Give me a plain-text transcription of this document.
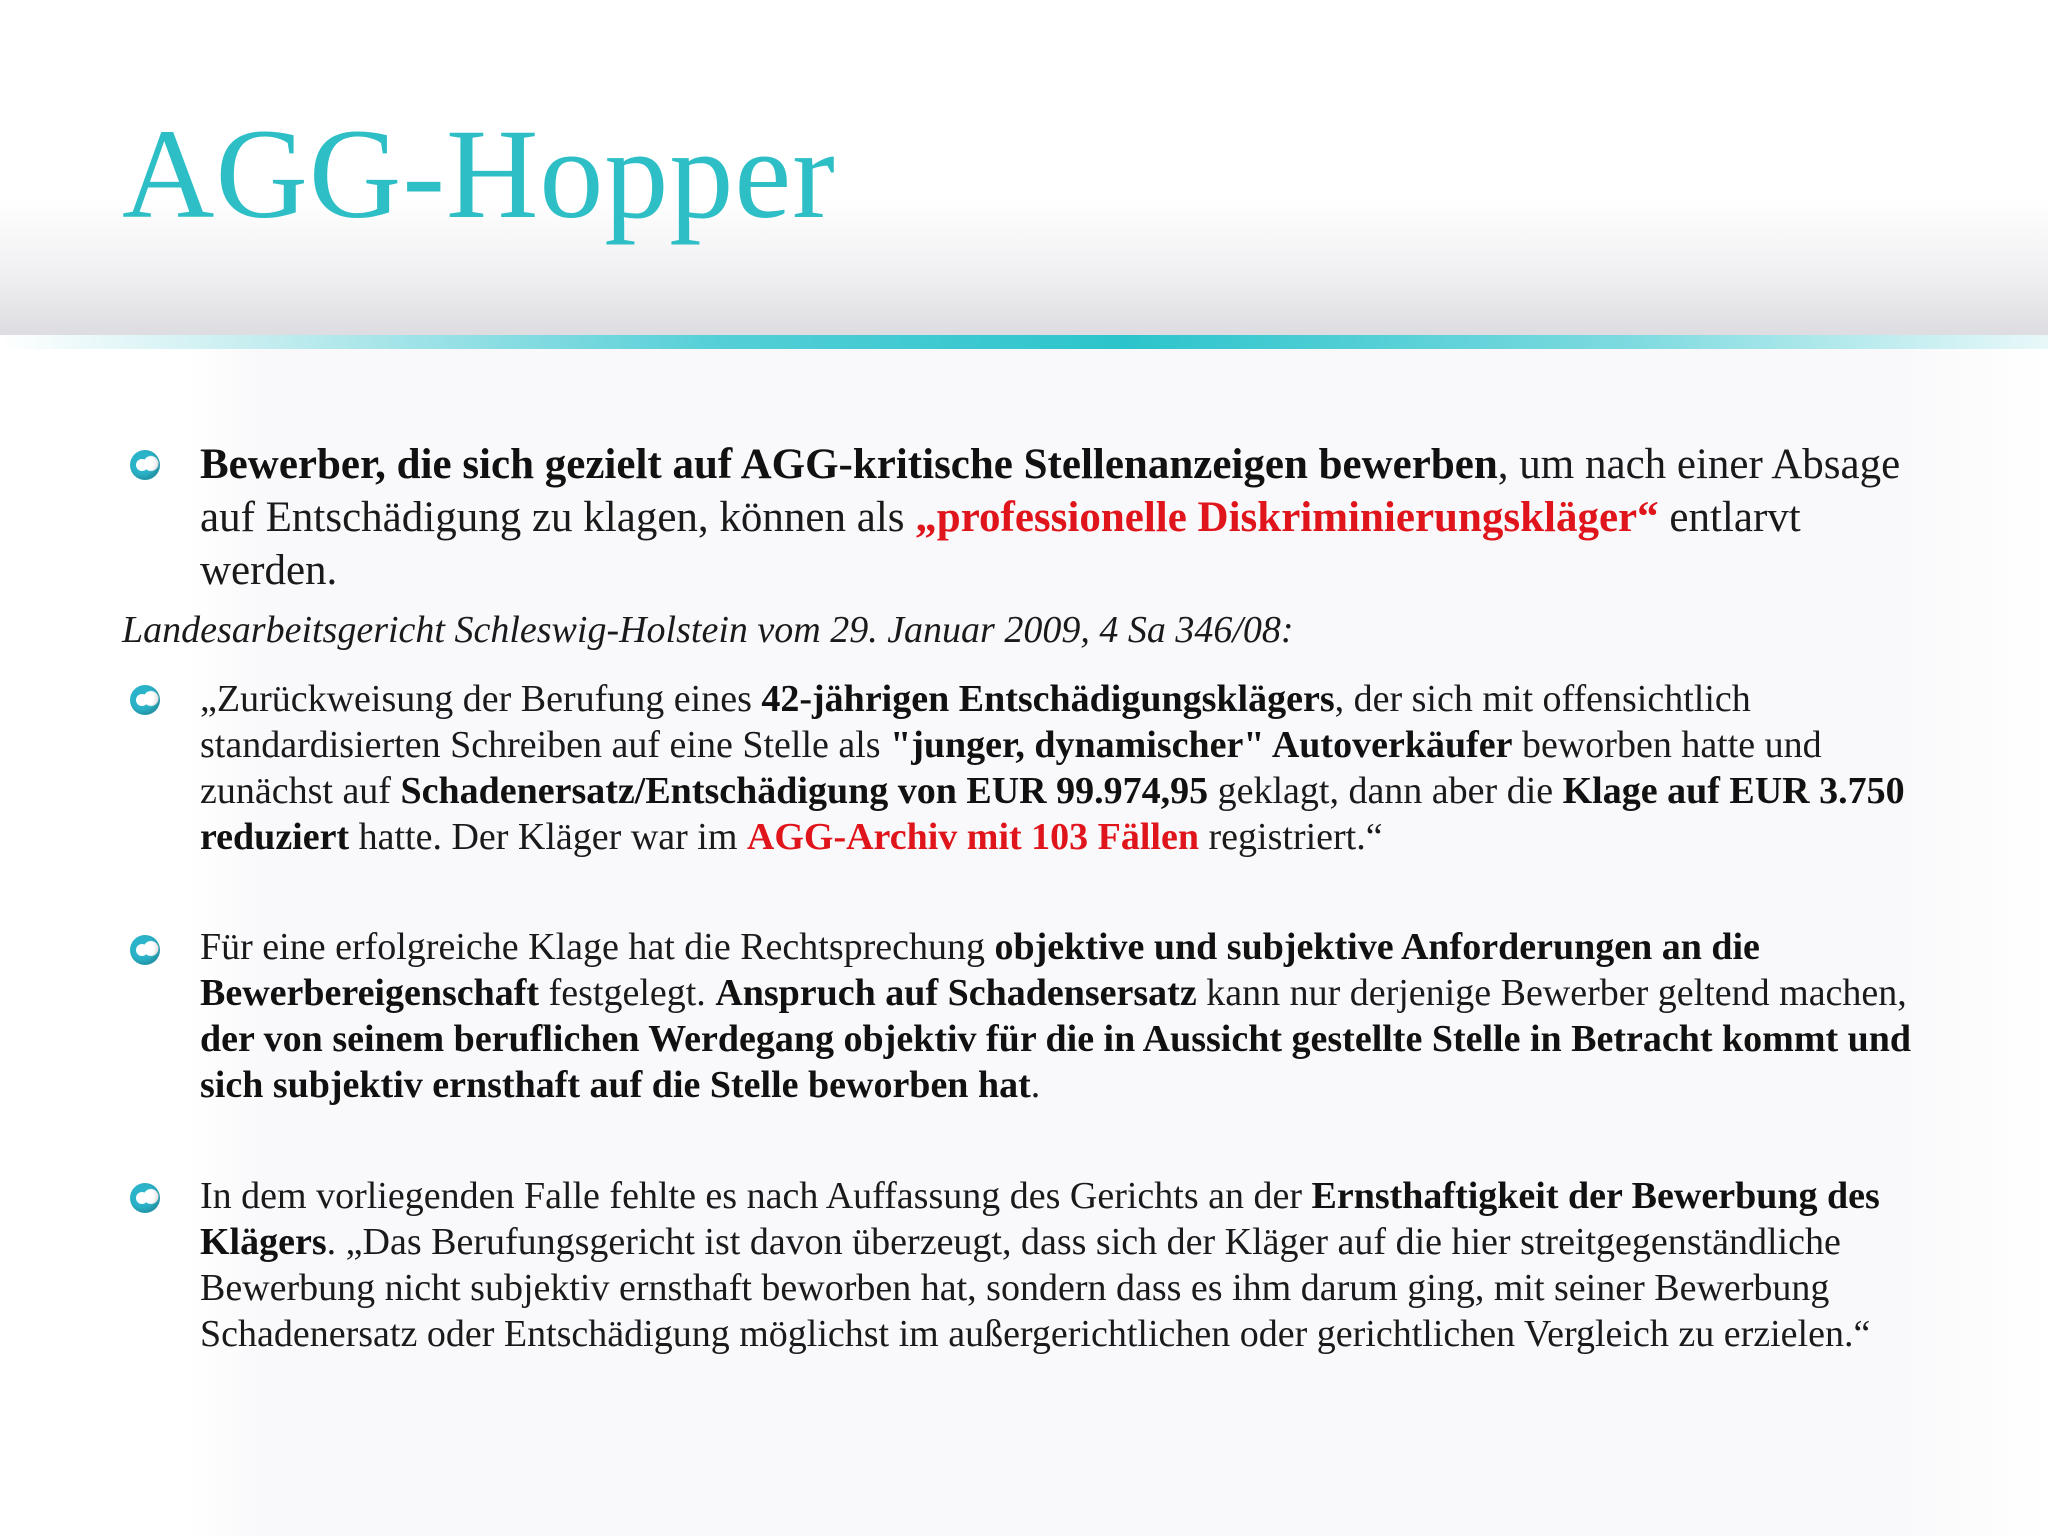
AGG-Hopper

Bewerber, die sich gezielt auf AGG-kritische Stellenanzeigen bewerben, um nach einer Absage auf Entschädigung zu klagen, können als „professionelle Diskriminierungskläger“ entlarvt werden.

Landesarbeitsgericht Schleswig-Holstein vom 29. Januar 2009, 4 Sa 346/08:

„Zurückweisung der Berufung eines 42-jährigen Entschädigungsklägers, der sich mit offensichtlich standardisierten Schreiben auf eine Stelle als "junger, dynamischer" Autoverkäufer beworben hatte und zunächst auf Schadenersatz/Entschädigung von EUR 99.974,95 geklagt, dann aber die Klage auf EUR 3.750 reduziert hatte. Der Kläger war im AGG-Archiv mit 103 Fällen registriert.“

Für eine erfolgreiche Klage hat die Rechtsprechung objektive und subjektive Anforderungen an die Bewerbereigenschaft festgelegt. Anspruch auf Schadensersatz kann nur derjenige Bewerber geltend machen, der von seinem beruflichen Werdegang objektiv für die in Aussicht gestellte Stelle in Betracht kommt und sich subjektiv ernsthaft auf die Stelle beworben hat.

In dem vorliegenden Falle fehlte es nach Auffassung des Gerichts an der Ernsthaftigkeit der Bewerbung des Klägers. „Das Berufungsgericht ist davon überzeugt, dass sich der Kläger auf die hier streitgegenständliche Bewerbung nicht subjektiv ernsthaft beworben hat, sondern dass es ihm darum ging, mit seiner Bewerbung Schadenersatz oder Entschädigung möglichst im außergerichtlichen oder gerichtlichen Vergleich zu erzielen.“
